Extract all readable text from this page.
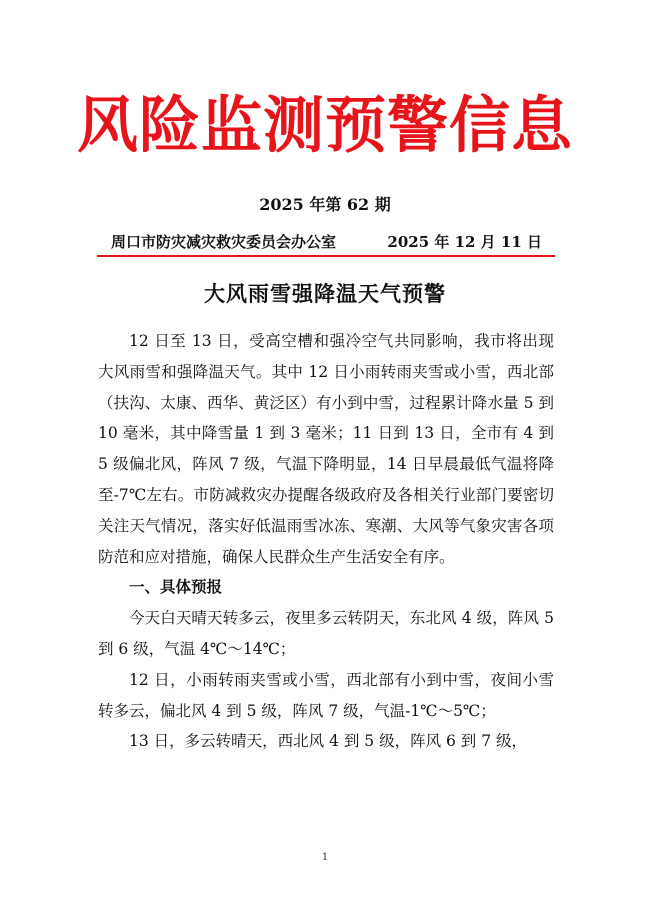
风险监测预警信息
2025 年第 62 期
周口市防灾减灾救灾委员会办公室	2025 年 12 月 11 日
大风雨雪强降温天气预警

12 日至 13 日，受高空槽和强冷空气共同影响，我市将出现大风雨雪和强降温天气。其中 12 日小雨转雨夹雪或小雪，西北部（扶沟、太康、西华、黄泛区）有小到中雪，过程累计降水量 5 到 10 毫米，其中降雪量 1 到 3 毫米；11 日到 13 日，全市有 4 到 5 级偏北风，阵风 7 级，气温下降明显，14 日早晨最低气温将降至-7℃左右。市防减救灾办提醒各级政府及各相关行业部门要密切关注天气情况，落实好低温雨雪冰冻、寒潮、大风等气象灾害各项防范和应对措施，确保人民群众生产生活安全有序。

一、具体预报

今天白天晴天转多云，夜里多云转阴天，东北风 4 级，阵风 5 到 6 级，气温 4℃～14℃；

12 日，小雨转雨夹雪或小雪，西北部有小到中雪，夜间小雪转多云，偏北风 4 到 5 级，阵风 7 级，气温-1℃～5℃；

13 日，多云转晴天，西北风 4 到 5 级，阵风 6 到 7 级，

1
